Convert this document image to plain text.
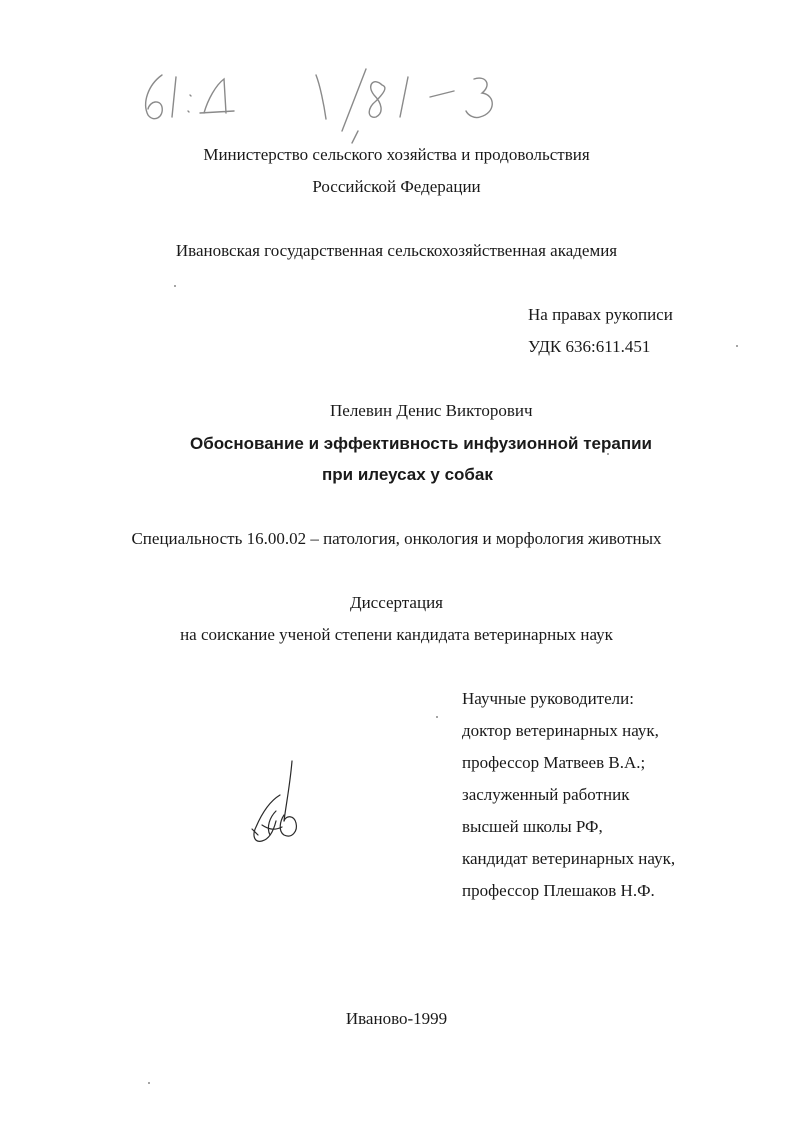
Министерство сельского хозяйства и продовольствия
Российской Федерации
Ивановская государственная сельскохозяйственная академия
На правах рукописи
УДК 636:611.451
Пелевин Денис Викторович
Обоснование и эффективность инфузионной терапии
при илеусах у собак
Специальность 16.00.02 – патология, онкология и морфология животных
Диссертация
на соискание ученой степени кандидата ветеринарных наук
Научные руководители:
доктор ветеринарных наук,
профессор Матвеев В.А.;
заслуженный работник
высшей школы РФ,
кандидат ветеринарных наук,
профессор Плешаков Н.Ф.
Иваново-1999
